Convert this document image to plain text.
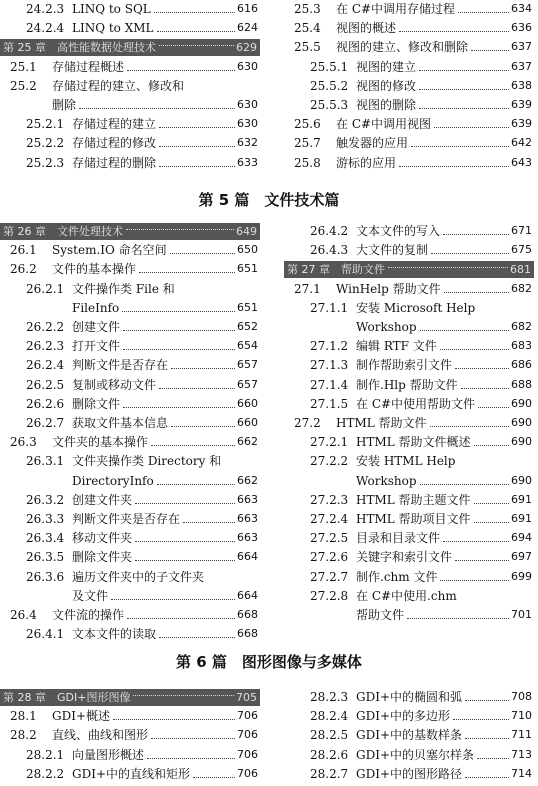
24.2.3 LINQ to SQL	616
24.2.4 LINQ to XML	624
第 25 章　高性能数据处理技术	629
25.1	存储过程概述	630
25.2	存储过程的建立、修改和
删除	630
25.2.1 存储过程的建立	630
25.2.2 存储过程的修改	632
25.2.3 存储过程的删除	633
25.3	在 C#中调用存储过程	634
25.4	视图的概述	636
25.5	视图的建立、修改和删除	637
25.5.1 视图的建立	637
25.5.2 视图的修改	638
25.5.3 视图的删除	639
25.6	在 C#中调用视图	639
25.7	触发器的应用	642
25.8	游标的应用	643
第 26 章　文件处理技术	649
26.1	System.IO 命名空间	650
26.2	文件的基本操作	651
26.2.1 文件操作类 File 和
FileInfo	651
26.2.2 创建文件	652
26.2.3 打开文件	654
26.2.4 判断文件是否存在	657
26.2.5 复制或移动文件	657
26.2.6 删除文件	660
26.2.7 获取文件基本信息	660
26.3	文件夹的基本操作	662
26.3.1 文件夹操作类 Directory 和
DirectoryInfo	662
26.3.2 创建文件夹	663
26.3.3 判断文件夹是否存在	663
26.3.4 移动文件夹	663
26.3.5 删除文件夹	664
26.3.6 遍历文件夹中的子文件夹
及文件	664
26.4	文件流的操作	668
26.4.1 文本文件的读取	668
26.4.2 文本文件的写入	671
26.4.3 大文件的复制	675
第 27 章　帮助文件	681
27.1	WinHelp 帮助文件	682
27.1.1 安装 Microsoft Help
Workshop	682
27.1.2 编辑 RTF 文件	683
27.1.3 制作帮助索引文件	686
27.1.4 制作.Hlp 帮助文件	688
27.1.5 在 C#中使用帮助文件	690
27.2	HTML 帮助文件	690
27.2.1 HTML 帮助文件概述	690
27.2.2 安装 HTML Help
Workshop	690
27.2.3 HTML 帮助主题文件	691
27.2.4 HTML 帮助项目文件	691
27.2.5 目录和目录文件	694
27.2.6 关键字和索引文件	697
27.2.7 制作.chm 文件	699
27.2.8 在 C#中使用.chm
帮助文件	701
第 28 章　GDI+图形图像	705
28.1	GDI+概述	706
28.2	直线、曲线和图形	706
28.2.1 向量图形概述	706
28.2.2 GDI+中的直线和矩形	706
28.2.3 GDI+中的椭圆和弧	708
28.2.4 GDI+中的多边形	710
28.2.5 GDI+中的基数样条	711
28.2.6 GDI+中的贝塞尔样条	713
28.2.7 GDI+中的图形路径	714
第 5 篇　文件技术篇
第 6 篇　图形图像与多媒体
